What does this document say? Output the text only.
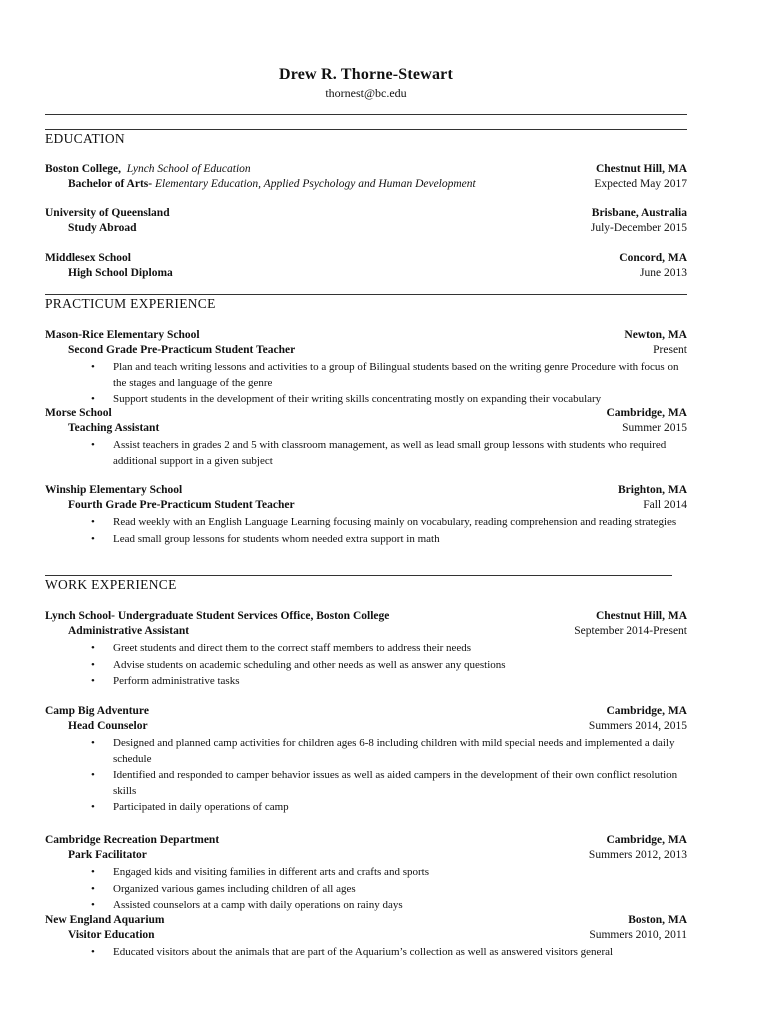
Drew R. Thorne-Stewart
thornest@bc.edu
EDUCATION
Boston College, Lynch School of Education	Chestnut Hill, MA
Bachelor of Arts- Elementary Education, Applied Psychology and Human Development	Expected May 2017
University of Queensland	Brisbane, Australia
Study Abroad	July-December 2015
Middlesex School	Concord, MA
High School Diploma	June 2013
PRACTICUM EXPERIENCE
Mason-Rice Elementary School	Newton, MA
Second Grade Pre-Practicum Student Teacher	Present
• Plan and teach writing lessons and activities to a group of Bilingual students based on the writing genre Procedure with focus on the stages and language of the genre
• Support students in the development of their writing skills concentrating mostly on expanding their vocabulary
Morse School	Cambridge, MA
Teaching Assistant	Summer 2015
• Assist teachers in grades 2 and 5 with classroom management, as well as lead small group lessons with students who required additional support in a given subject
Winship Elementary School	Brighton, MA
Fourth Grade Pre-Practicum Student Teacher	Fall 2014
• Read weekly with an English Language Learning focusing mainly on vocabulary, reading comprehension and reading strategies
• Lead small group lessons for students whom needed extra support in math
WORK EXPERIENCE
Lynch School- Undergraduate Student Services Office, Boston College	Chestnut Hill, MA
Administrative Assistant	September 2014-Present
• Greet students and direct them to the correct staff members to address their needs
• Advise students on academic scheduling and other needs as well as answer any questions
• Perform administrative tasks
Camp Big Adventure	Cambridge, MA
Head Counselor	Summers 2014, 2015
• Designed and planned camp activities for children ages 6-8 including children with mild special needs and implemented a daily schedule
• Identified and responded to camper behavior issues as well as aided campers in the development of their own conflict resolution skills
• Participated in daily operations of camp
Cambridge Recreation Department	Cambridge, MA
Park Facilitator	Summers 2012, 2013
• Engaged kids and visiting families in different arts and crafts and sports
• Organized various games including children of all ages
• Assisted counselors at a camp with daily operations on rainy days
New England Aquarium	Boston, MA
Visitor Education	Summers 2010, 2011
• Educated visitors about the animals that are part of the Aquarium’s collection as well as answered visitors general
